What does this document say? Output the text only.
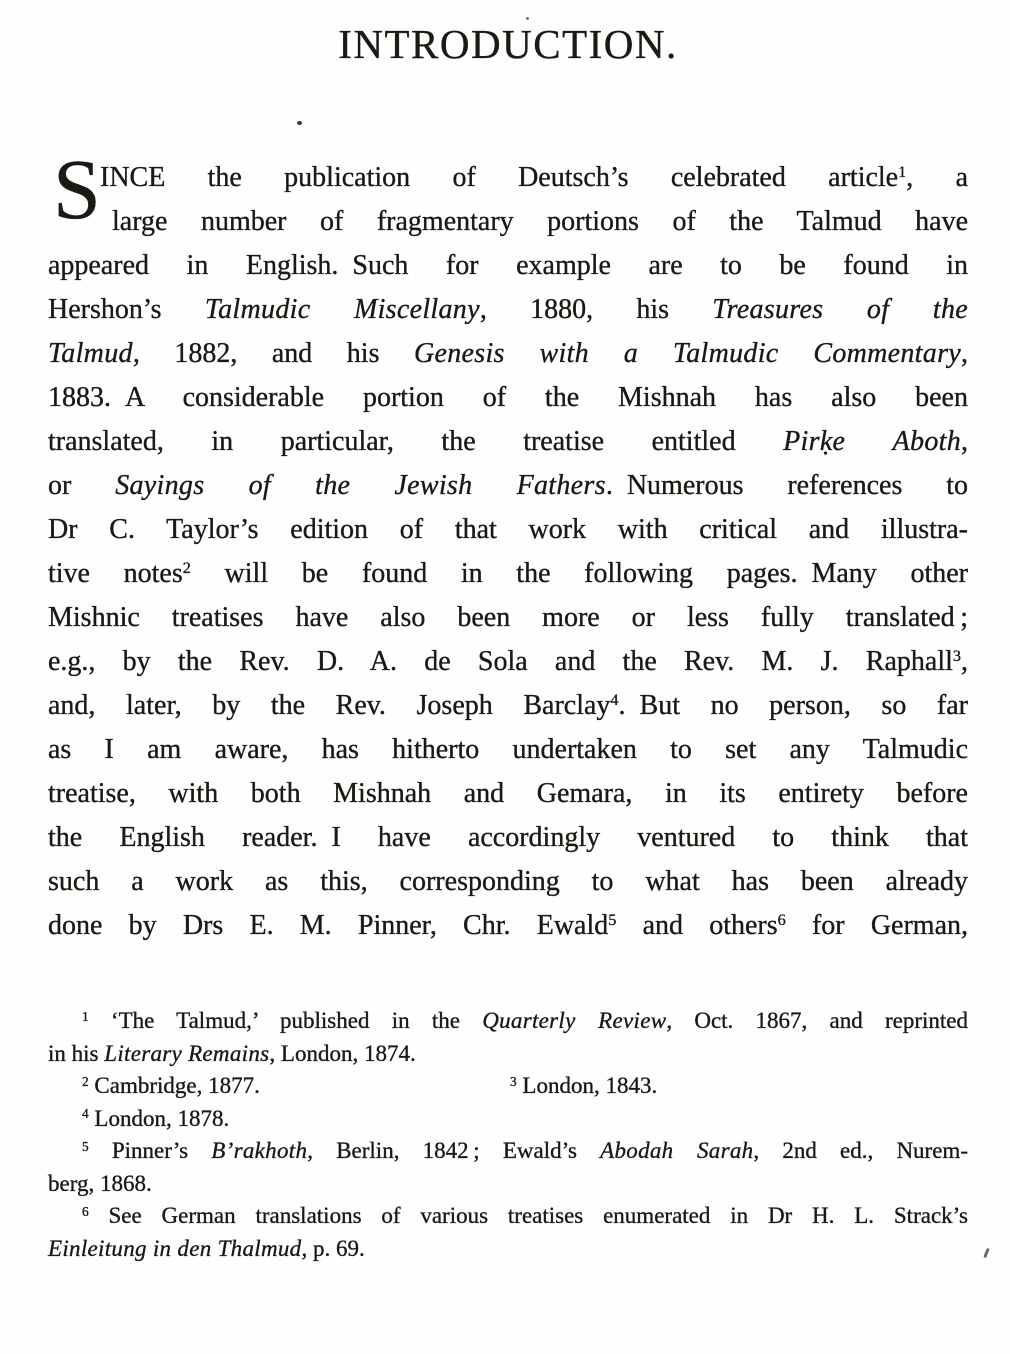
INTRODUCTION.
S INCE the publication of Deutsch’s celebrated article$^1$, a
large number of fragmentary portions of the Talmud have
appeared in English. Such for example are to be found in
Hershon’s Talmudic Miscellany, 1880, his Treasures of the
Talmud, 1882, and his Genesis with a Talmudic Commentary,
1883. A considerable portion of the Mishnah has also been
translated, in particular, the treatise entitled Pirḳe Aboth,
or Sayings of the Jewish Fathers. Numerous references to
Dr C. Taylor’s edition of that work with critical and illustra-
tive notes$^2$ will be found in the following pages. Many other
Mishnic treatises have also been more or less fully translated ;
e.g., by the Rev. D. A. de Sola and the Rev. M. J. Raphall$^3$,
and, later, by the Rev. Joseph Barclay$^4$. But no person, so far
as I am aware, has hitherto undertaken to set any Talmudic
treatise, with both Mishnah and Gemara, in its entirety before
the English reader. I have accordingly ventured to think that
such a work as this, corresponding to what has been already
done by Drs E. M. Pinner, Chr. Ewald$^5$ and others$^6$ for German,
$^1$ ‘The Talmud,’ published in the Quarterly Review, Oct. 1867, and reprinted
in his Literary Remains, London, 1874.
$^2$ Cambridge, 1877.	$^3$ London, 1843.
$^4$ London, 1878.
$^5$ Pinner’s B’rakhoth, Berlin, 1842 ; Ewald’s Abodah Sarah, 2nd ed., Nurem-
berg, 1868.
$^6$ See German translations of various treatises enumerated in Dr H. L. Strack’s
Einleitung in den Thalmud, p. 69.
